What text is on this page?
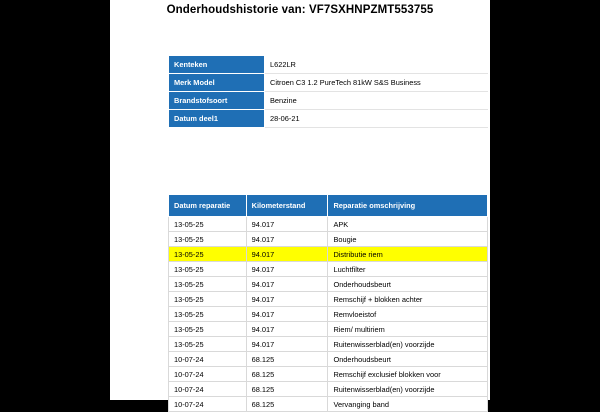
Onderhoudshistorie van: VF7SXHNPZMT553755
Kenteken	L622LR
Merk Model	Citroen C3 1.2 PureTech 81kW S&S Business
Brandstofsoort	Benzine
Datum deel1	28-06-21
Datum reparatie	Kilometerstand	Reparatie omschrijving
13-05-25	94.017	APK
13-05-25	94.017	Bougie
13-05-25	94.017	Distributie riem
13-05-25	94.017	Luchtfilter
13-05-25	94.017	Onderhoudsbeurt
13-05-25	94.017	Remschijf + blokken achter
13-05-25	94.017	Remvloeistof
13-05-25	94.017	Riem/ multiriem
13-05-25	94.017	Ruitenwisserblad(en) voorzijde
10-07-24	68.125	Onderhoudsbeurt
10-07-24	68.125	Remschijf exclusief blokken voor
10-07-24	68.125	Ruitenwisserblad(en) voorzijde
10-07-24	68.125	Vervanging band
